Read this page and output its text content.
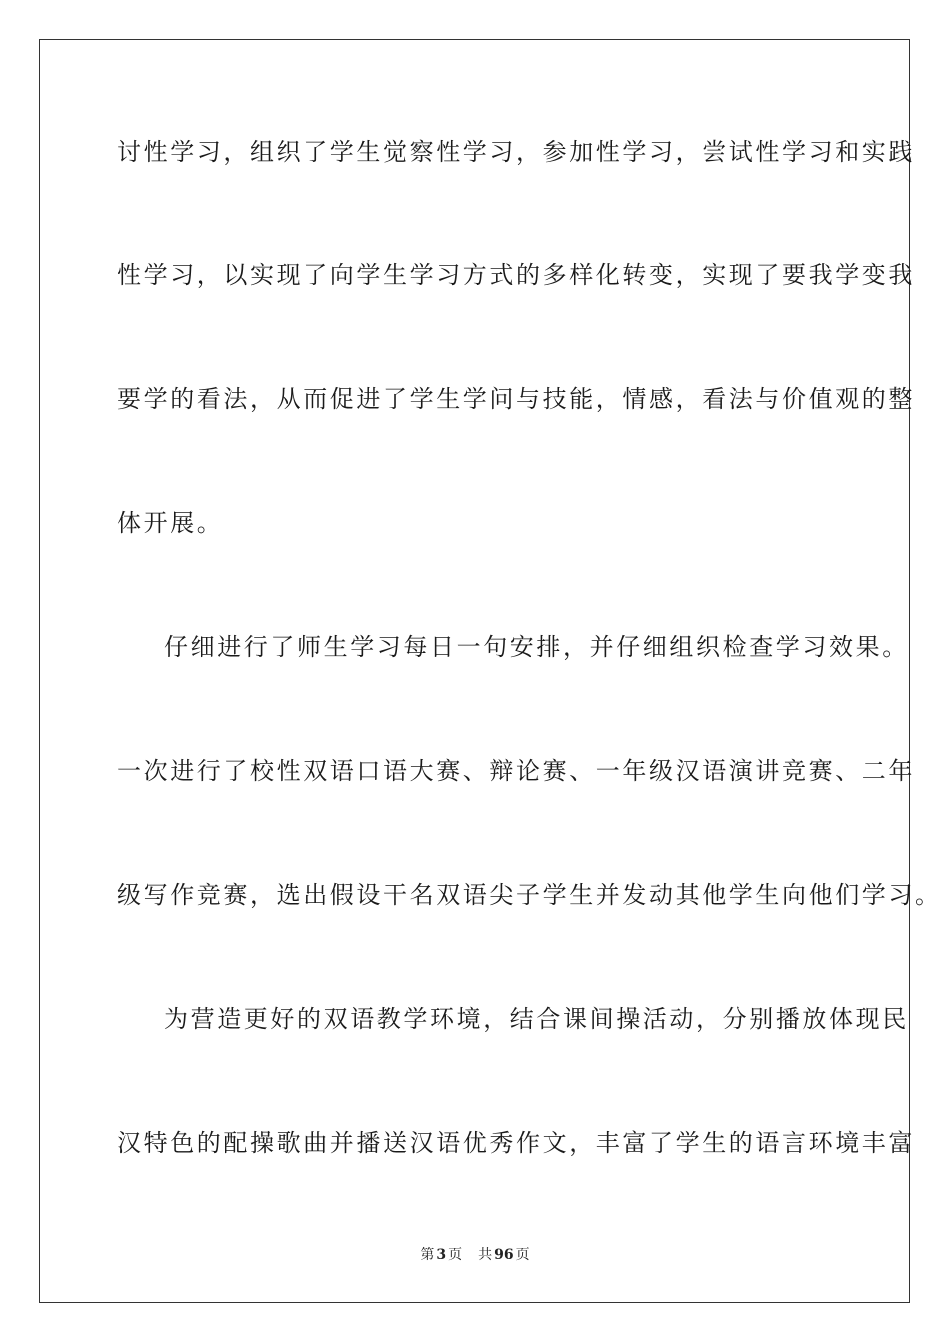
讨性学习，组织了学生觉察性学习，参加性学习，尝试性学习和实践
性学习，以实现了向学生学习方式的多样化转变，实现了要我学变我
要学的看法，从而促进了学生学问与技能，情感，看法与价值观的整
体开展。
仔细进行了师生学习每日一句安排，并仔细组织检查学习效果。
一次进行了校性双语口语大赛、辩论赛、一年级汉语演讲竞赛、二年
级写作竞赛，选出假设干名双语尖子学生并发动其他学生向他们学习。
为营造更好的双语教学环境，结合课间操活动，分别播放体现民
汉特色的配操歌曲并播送汉语优秀作文，丰富了学生的语言环境丰富
第 3 页 共 96 页
